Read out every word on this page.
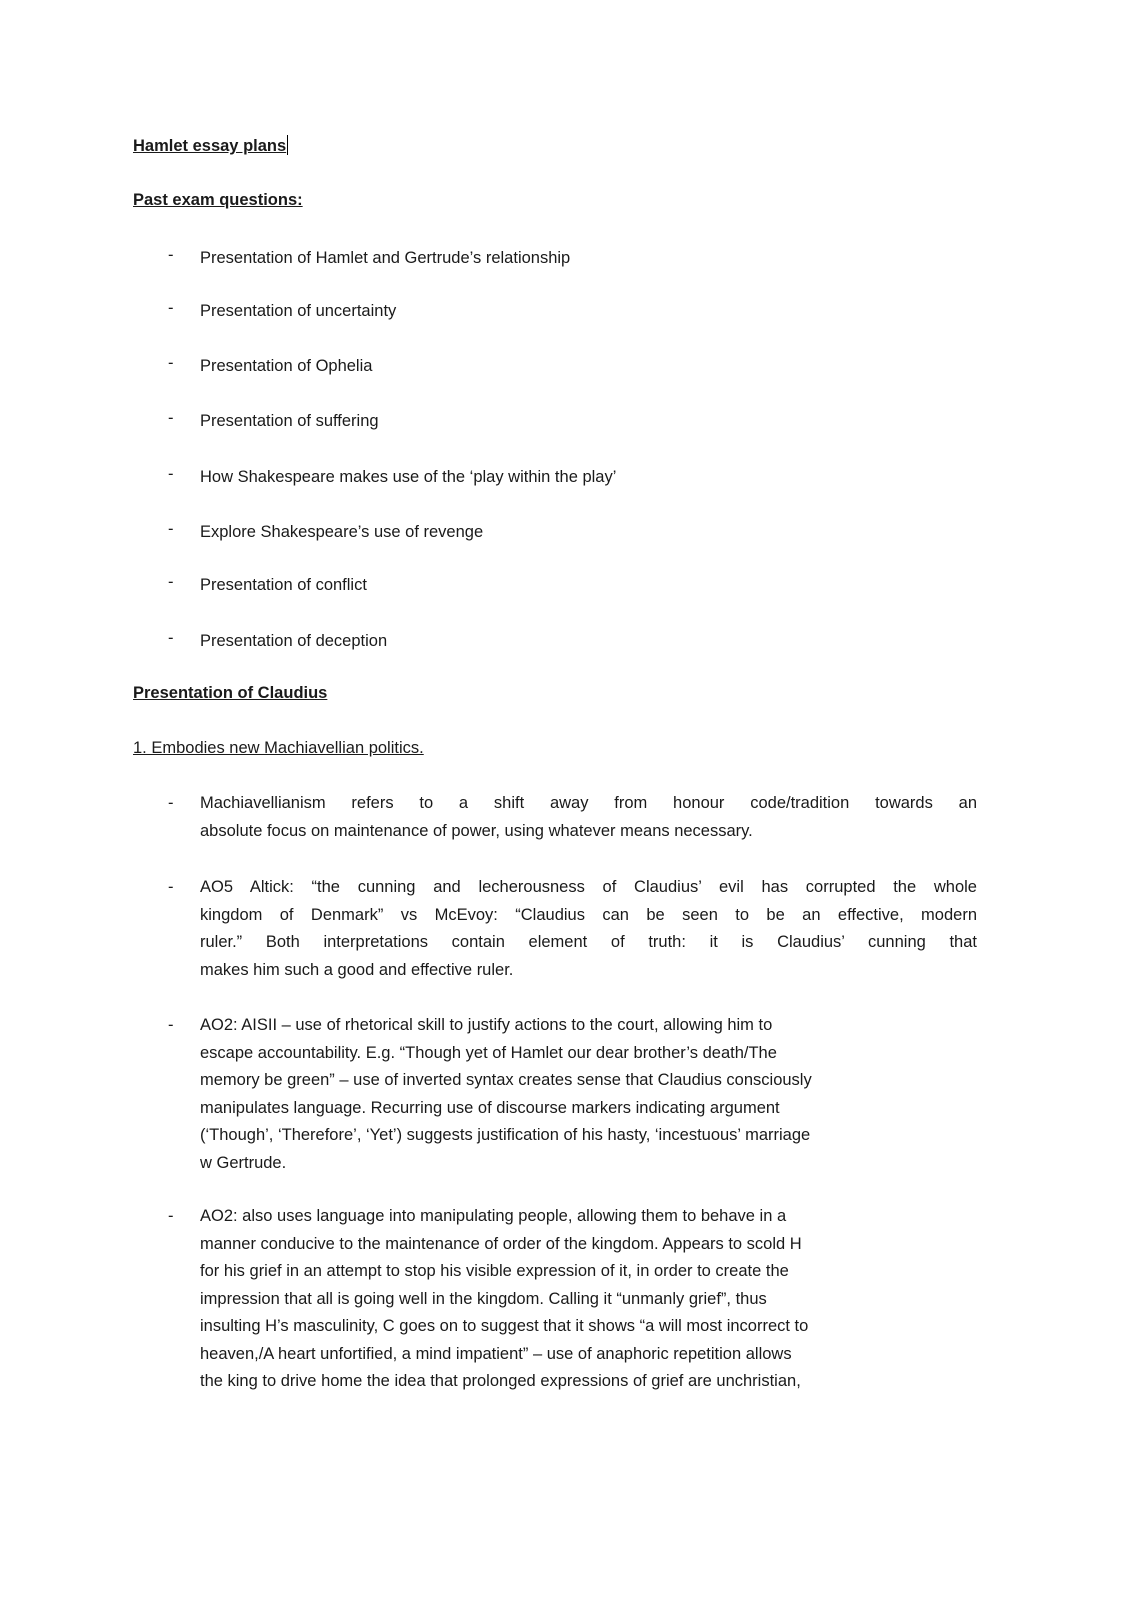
Hamlet essay plans
Past exam questions:
- Presentation of Hamlet and Gertrude’s relationship
- Presentation of uncertainty
- Presentation of Ophelia
- Presentation of suffering
- How Shakespeare makes use of the ‘play within the play’
- Explore Shakespeare’s use of revenge
- Presentation of conflict
- Presentation of deception
Presentation of Claudius
1. Embodies new Machiavellian politics.
- Machiavellianism refers to a shift away from honour code/tradition towards an
absolute focus on maintenance of power, using whatever means necessary.
- AO5 Altick: “the cunning and lecherousness of Claudius’ evil has corrupted the whole
kingdom of Denmark” vs McEvoy: “Claudius can be seen to be an effective, modern
ruler.” Both interpretations contain element of truth: it is Claudius’ cunning that
makes him such a good and effective ruler.
- AO2: AISII – use of rhetorical skill to justify actions to the court, allowing him to
escape accountability. E.g. “Though yet of Hamlet our dear brother’s death/The
memory be green” – use of inverted syntax creates sense that Claudius consciously
manipulates language. Recurring use of discourse markers indicating argument
(‘Though’, ‘Therefore’, ‘Yet’) suggests justification of his hasty, ‘incestuous’ marriage
w Gertrude.
- AO2: also uses language into manipulating people, allowing them to behave in a
manner conducive to the maintenance of order of the kingdom. Appears to scold H
for his grief in an attempt to stop his visible expression of it, in order to create the
impression that all is going well in the kingdom. Calling it “unmanly grief”, thus
insulting H’s masculinity, C goes on to suggest that it shows “a will most incorrect to
heaven,/A heart unfortified, a mind impatient” – use of anaphoric repetition allows
the king to drive home the idea that prolonged expressions of grief are unchristian,
